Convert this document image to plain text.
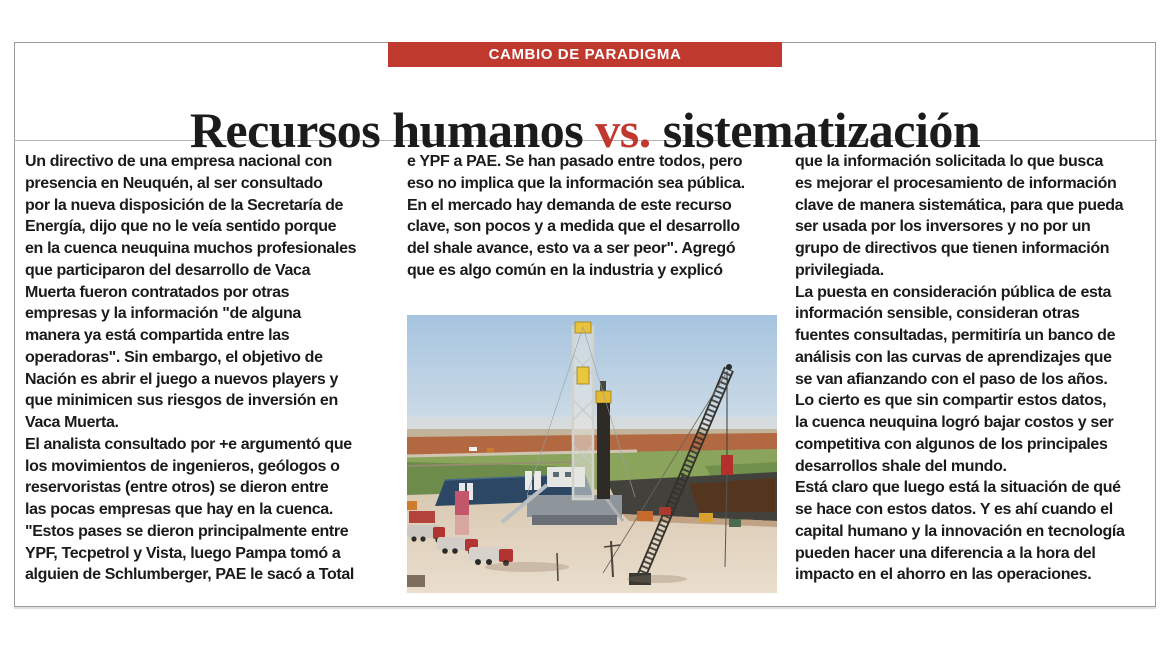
CAMBIO DE PARADIGMA
Recursos humanos vs. sistematización
Un directivo de una empresa nacional con
presencia en Neuquén, al ser consultado
por la nueva disposición de la Secretaría de
Energía, dijo que no le veía sentido porque
en la cuenca neuquina muchos profesionales
que participaron del desarrollo de Vaca
Muerta fueron contratados por otras
empresas y la información "de alguna
manera ya está compartida entre las
operadoras". Sin embargo, el objetivo de
Nación es abrir el juego a nuevos players y
que minimicen sus riesgos de inversión en
Vaca Muerta.
El analista consultado por +e argumentó que
los movimientos de ingenieros, geólogos o
reservoristas (entre otros) se dieron entre
las pocas empresas que hay en la cuenca.
"Estos pases se dieron principalmente entre
YPF, Tecpetrol y Vista, luego Pampa tomó a
alguien de Schlumberger, PAE le sacó a Total
e YPF a PAE. Se han pasado entre todos, pero
eso no implica que la información sea pública.
En el mercado hay demanda de este recurso
clave, son pocos y a medida que el desarrollo
del shale avance, esto va a ser peor". Agregó
que es algo común en la industria y explicó
que la información solicitada lo que busca
es mejorar el procesamiento de información
clave de manera sistemática, para que pueda
ser usada por los inversores y no por un
grupo de directivos que tienen información
privilegiada.
La puesta en consideración pública de esta
información sensible, consideran otras
fuentes consultadas, permitiría un banco de
análisis con las curvas de aprendizajes que
se van afianzando con el paso de los años.
Lo cierto es que sin compartir estos datos,
la cuenca neuquina logró bajar costos y ser
competitiva con algunos de los principales
desarrollos shale del mundo.
Está claro que luego está la situación de qué
se hace con estos datos. Y es ahí cuando el
capital humano y la innovación en tecnología
pueden hacer una diferencia a la hora del
impacto en el ahorro en las operaciones.
